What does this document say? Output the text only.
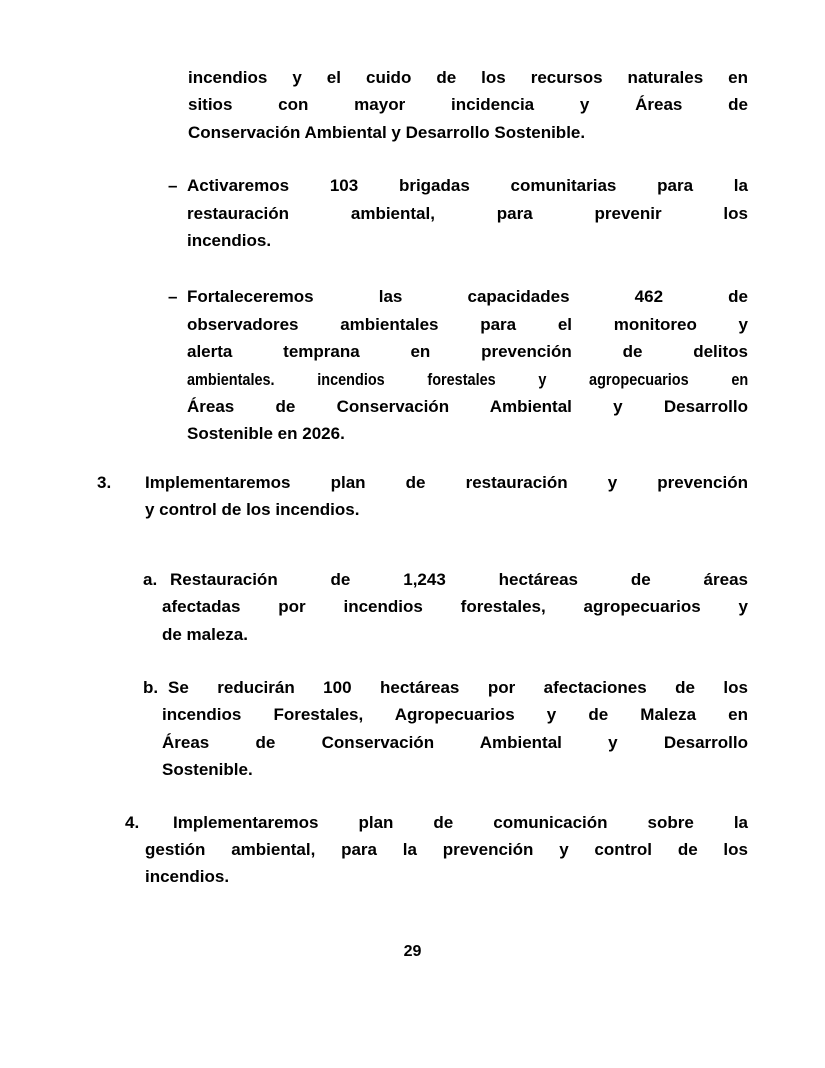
incendios y el cuido de los recursos naturales en
sitios con mayor incidencia y Áreas de
Conservación Ambiental y Desarrollo Sostenible.
– Activaremos 103 brigadas comunitarias para la
restauración ambiental, para prevenir los
incendios.
– Fortaleceremos las capacidades 462 de
observadores ambientales para el monitoreo y
alerta temprana en prevención de delitos
ambientales. incendios forestales y agropecuarios en
Áreas de Conservación Ambiental y Desarrollo
Sostenible en 2026.
3. Implementaremos plan de restauración y prevención
y control de los incendios.
a. Restauración de 1,243 hectáreas de áreas
afectadas por incendios forestales, agropecuarios y
de maleza.
b. Se reducirán 100 hectáreas por afectaciones de los
incendios Forestales, Agropecuarios y de Maleza en
Áreas de Conservación Ambiental y Desarrollo
Sostenible.
4.	Implementaremos plan de comunicación sobre la
gestión ambiental, para la prevención y control de los
incendios.
29
